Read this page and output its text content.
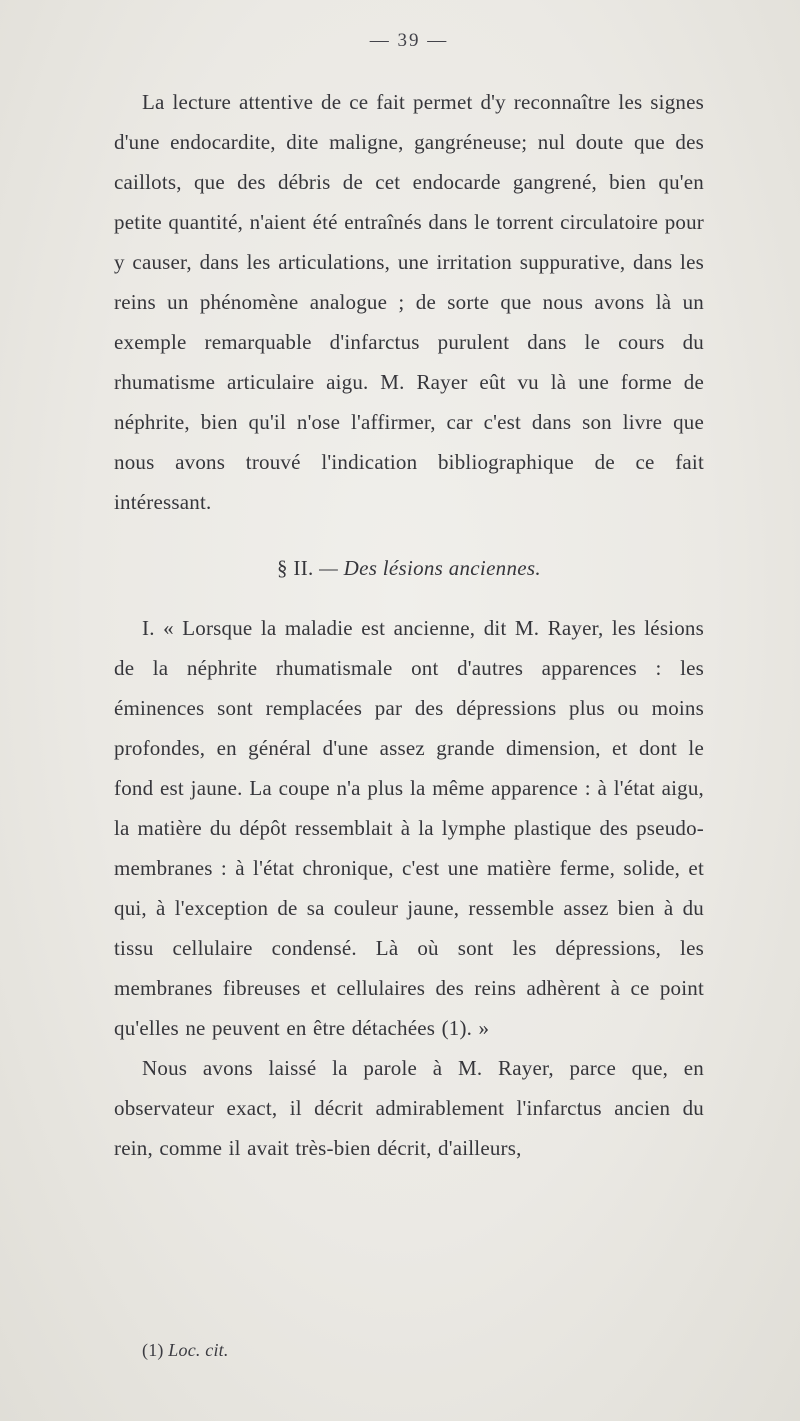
— 39 —

La lecture attentive de ce fait permet d'y reconnaître les signes d'une endocardite, dite maligne, gangréneuse; nul doute que des caillots, que des débris de cet endocarde gangrené, bien qu'en petite quantité, n'aient été entraînés dans le torrent circulatoire pour y causer, dans les articulations, une irritation suppurative, dans les reins un phénomène analogue ; de sorte que nous avons là un exemple remarquable d'infarctus purulent dans le cours du rhumatisme articulaire aigu. M. Rayer eût vu là une forme de néphrite, bien qu'il n'ose l'affirmer, car c'est dans son livre que nous avons trouvé l'indication bibliographique de ce fait intéressant.

§ II. — Des lésions anciennes.

I. « Lorsque la maladie est ancienne, dit M. Rayer, les lésions de la néphrite rhumatismale ont d'autres apparences : les éminences sont remplacées par des dépressions plus ou moins profondes, en général d'une assez grande dimension, et dont le fond est jaune. La coupe n'a plus la même apparence : à l'état aigu, la matière du dépôt ressemblait à la lymphe plastique des pseudo-membranes : à l'état chronique, c'est une matière ferme, solide, et qui, à l'exception de sa couleur jaune, ressemble assez bien à du tissu cellulaire condensé. Là où sont les dépressions, les membranes fibreuses et cellulaires des reins adhèrent à ce point qu'elles ne peuvent en être détachées (1). »

Nous avons laissé la parole à M. Rayer, parce que, en observateur exact, il décrit admirablement l'infarctus ancien du rein, comme il avait très-bien décrit, d'ailleurs,

(1) Loc. cit.
